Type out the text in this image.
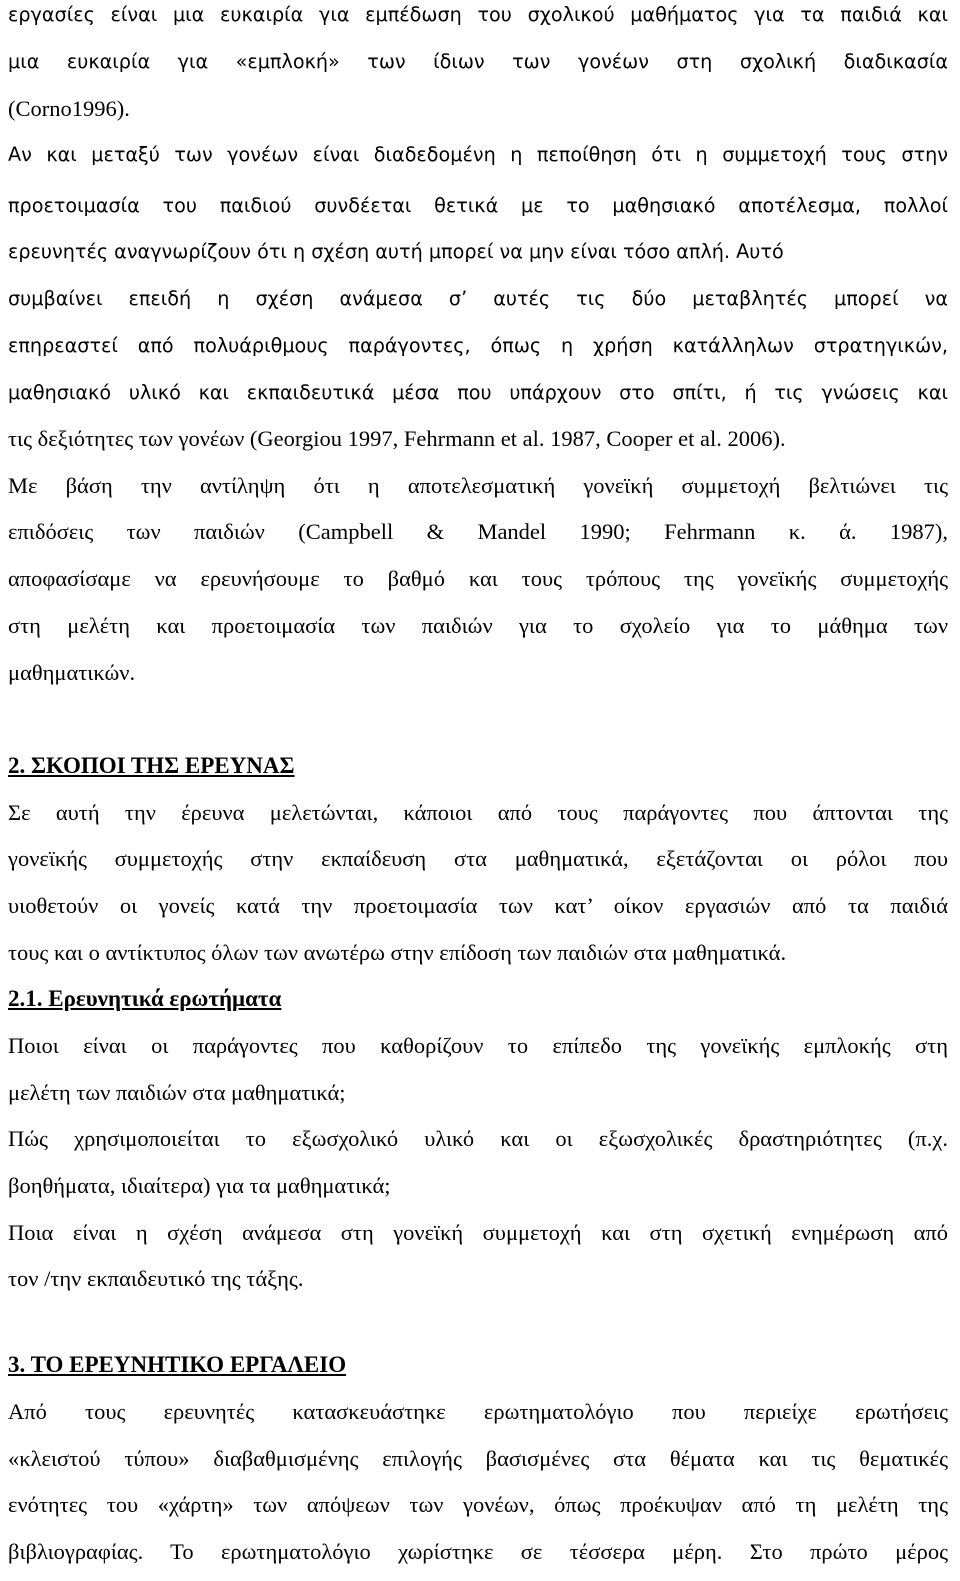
εργασίες είναι μια ευκαιρία για εμπέδωση του σχολικού μαθήματος για τα παιδιά και
μια ευκαιρία για «εμπλοκή» των ίδιων των γονέων στη σχολική διαδικασία
(Corno1996).
Αν και μεταξύ των γονέων είναι διαδεδομένη η πεποίθηση ότι η συμμετοχή τους στην
προετοιμασία του παιδιού συνδέεται θετικά με το μαθησιακό αποτέλεσμα, πολλοί
ερευνητές αναγνωρίζουν ότι η σχέση αυτή μπορεί να μην είναι τόσο απλή. Αυτό
συμβαίνει επειδή η σχέση ανάμεσα σ’ αυτές τις δύο μεταβλητές μπορεί να
επηρεαστεί από πολυάριθμους παράγοντες, όπως η χρήση κατάλληλων στρατηγικών,
μαθησιακό υλικό και εκπαιδευτικά μέσα που υπάρχουν στο σπίτι, ή τις γνώσεις και
τις δεξιότητες των γονέων (Georgiou 1997, Fehrmann et al. 1987, Cooper et al. 2006).
Με βάση την αντίληψη ότι η αποτελεσματική γονεϊκή συμμετοχή βελτιώνει τις
επιδόσεις των παιδιών (Campbell & Mandel 1990; Fehrmann κ. ά. 1987),
αποφασίσαμε να ερευνήσουμε το βαθμό και τους τρόπους της γονεϊκής συμμετοχής
στη μελέτη και προετοιμασία των παιδιών για το σχολείο για το μάθημα των
μαθηματικών.
2. ΣΚΟΠΟΙ ΤΗΣ ΕΡΕΥΝΑΣ
Σε αυτή την έρευνα μελετώνται, κάποιοι από τους παράγοντες που άπτονται της
γονεϊκής συμμετοχής στην εκπαίδευση στα μαθηματικά, εξετάζονται οι ρόλοι που
υιοθετούν οι γονείς κατά την προετοιμασία των κατ’ οίκον εργασιών από τα παιδιά
τους και ο αντίκτυπος όλων των ανωτέρω στην επίδοση των παιδιών στα μαθηματικά.
2.1. Ερευνητικά ερωτήματα
Ποιοι είναι οι παράγοντες που καθορίζουν το επίπεδο της γονεϊκής εμπλοκής στη
μελέτη των παιδιών στα μαθηματικά;
Πώς χρησιμοποιείται το εξωσχολικό υλικό και οι εξωσχολικές δραστηριότητες (π.χ.
βοηθήματα, ιδιαίτερα) για τα μαθηματικά;
Ποια είναι η σχέση ανάμεσα στη γονεϊκή συμμετοχή και στη σχετική ενημέρωση από
τον /την εκπαιδευτικό της τάξης.
3. ΤΟ ΕΡΕΥΝΗΤΙΚΟ ΕΡΓΑΛΕΙΟ
Από τους ερευνητές κατασκευάστηκε ερωτηματολόγιο που περιείχε ερωτήσεις
«κλειστού τύπου» διαβαθμισμένης επιλογής βασισμένες στα θέματα και τις θεματικές
ενότητες του «χάρτη» των απόψεων των γονέων, όπως προέκυψαν από τη μελέτη της
βιβλιογραφίας. Το ερωτηματολόγιο χωρίστηκε σε τέσσερα μέρη. Στο πρώτο μέρος
